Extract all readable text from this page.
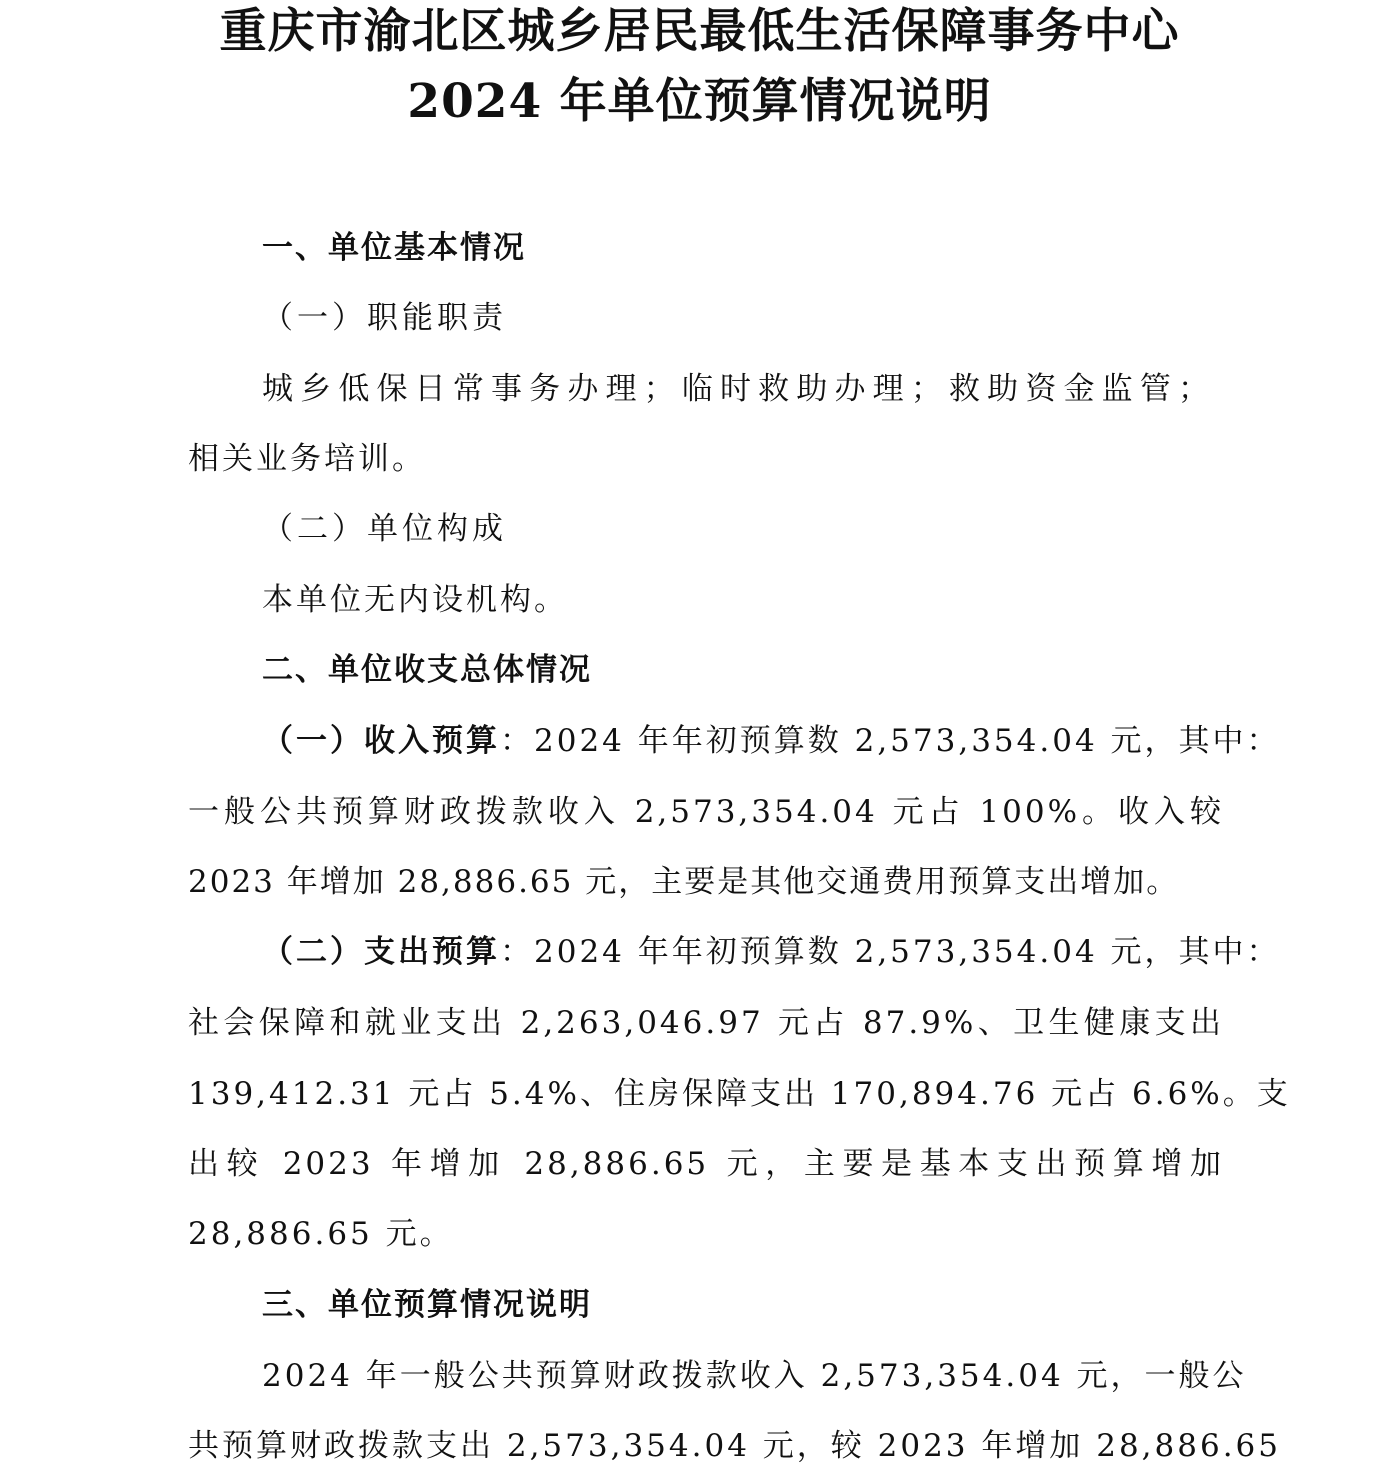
重庆市渝北区城乡居民最低生活保障事务中心
2024 年单位预算情况说明
一、单位基本情况

（一）职能职责

城乡低保日常事务办理；临时救助办理；救助资金监管；

相关业务培训。

（二）单位构成

本单位无内设机构。

二、单位收支总体情况

（一）收入预算：2024 年年初预算数 2,573,354.04 元，其中：

一般公共预算财政拨款收入 2,573,354.04 元占 100%。收入较

2023 年增加 28,886.65 元，主要是其他交通费用预算支出增加。

（二）支出预算：2024 年年初预算数 2,573,354.04 元，其中：

社会保障和就业支出 2,263,046.97 元占 87.9%、卫生健康支出

139,412.31 元占 5.4%、住房保障支出 170,894.76 元占 6.6%。支

出较 2023 年增加 28,886.65 元，主要是基本支出预算增加

28,886.65 元。

三、单位预算情况说明

2024 年一般公共预算财政拨款收入 2,573,354.04 元，一般公

共预算财政拨款支出 2,573,354.04 元，较 2023 年增加 28,886.65
